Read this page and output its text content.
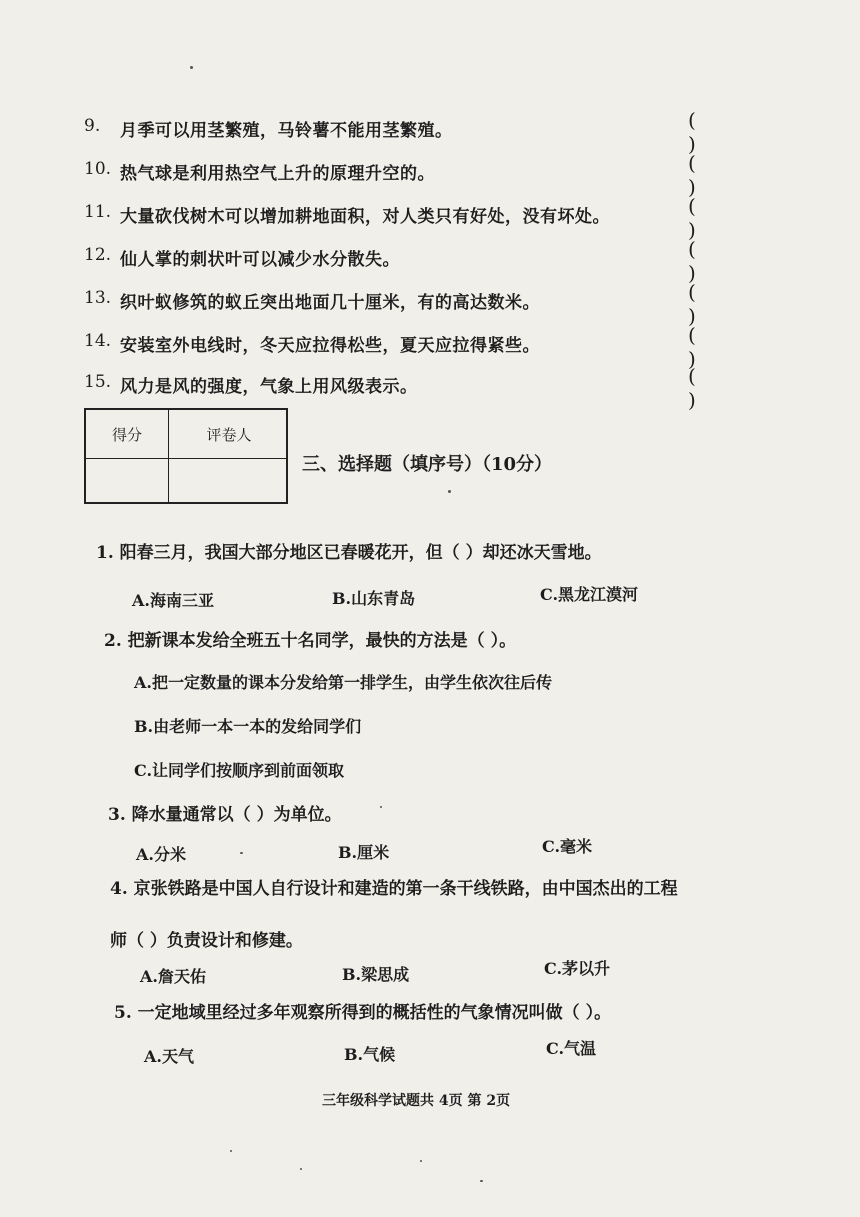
9. 月季可以用茎繁殖，马铃薯不能用茎繁殖。	( )
10. 热气球是利用热空气上升的原理升空的。	( )
11. 大量砍伐树木可以增加耕地面积，对人类只有好处，没有坏处。	( )
12. 仙人掌的刺状叶可以减少水分散失。	( )
13. 织叶蚁修筑的蚁丘突出地面几十厘米，有的高达数米。	( )
14. 安装室外电线时，冬天应拉得松些，夏天应拉得紧些。	( )
15. 风力是风的强度，气象上用风级表示。	( )
得分	评卷人
三、选择题（填序号）（10分）
1. 阳春三月，我国大部分地区已春暖花开，但（ ）却还冰天雪地。
A.海南三亚	B.山东青岛	C.黑龙江漠河
2. 把新课本发给全班五十名同学，最快的方法是（ ）。
A.把一定数量的课本分发给第一排学生，由学生依次往后传
B.由老师一本一本的发给同学们
C.让同学们按顺序到前面领取
3. 降水量通常以（ ）为单位。
A.分米	B.厘米	C.毫米
4. 京张铁路是中国人自行设计和建造的第一条干线铁路，由中国杰出的工程
师（ ）负责设计和修建。
A.詹天佑	B.梁思成	C.茅以升
5. 一定地域里经过多年观察所得到的概括性的气象情况叫做（ ）。
A.天气	B.气候	C.气温
三年级科学试题共 4页 第 2页
